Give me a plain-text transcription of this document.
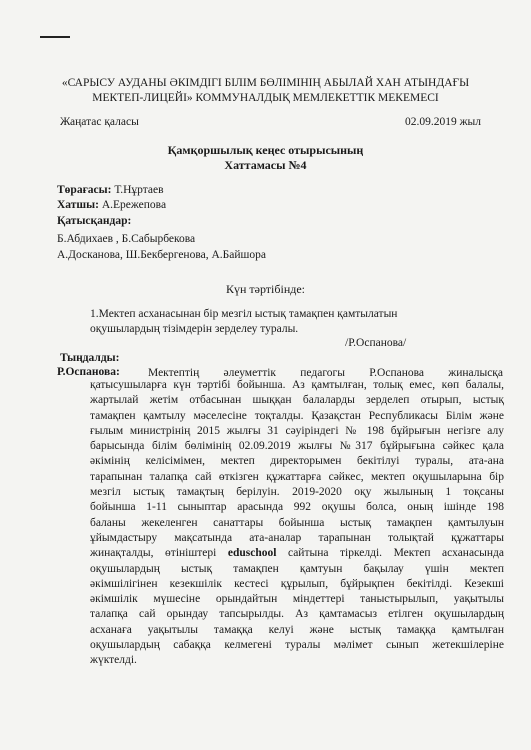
«САРЫСУ АУДАНЫ ӘКІМДІГІ БІЛІМ БӨЛІМІНІҢ АБЫЛАЙ ХАН АТЫНДАҒЫ
МЕКТЕП-ЛИЦЕЙІ» КОММУНАЛДЫҚ МЕМЛЕКЕТТІК МЕКЕМЕСІ
Жаңатас қаласы	02.09.2019 жыл
Қамқоршылық кеңес отырысының
Хаттамасы №4
Төрағасы: Т.Нұртаев
Хатшы: А.Ережепова
Қатысқандар:
Б.Абдихаев , Б.Сабырбекова
А.Досканова, Ш.Бекбергенова, А.Байшора
Күн тәртібінде:
1.Мектеп асханасынан бір мезгіл ыстық тамақпен қамтылатын
оқушылардың тізімдерін зерделеу туралы.
/Р.Оспанова/
Тыңдалды:
Р.Оспанова: Мектептің әлеуметтік педагогы Р.Оспанова жиналысқа
қатысушыларға күн тәртібі бойынша. Аз қамтылған, толық емес, көп балалы,
жартылай жетім отбасынан шыққан балаларды зерделеп отырып, ыстық
тамақпен қамтылу мәселесіне тоқталды. Қазақстан Республикасы Білім және
ғылым министрінің 2015 жылғы 31 сәуіріндегі № 198 бұйрығын негізге алу
барысында білім бөлімінің 02.09.2019 жылғы №317 бұйрығына сәйкес қала
әкімінің келісімімен, мектеп директорымен бекітілуі туралы, ата-ана
тарапынан талапқа сай өткізген құжаттарға сәйкес, мектеп оқушыларына бір
мезгіл ыстық тамақтың берілуін. 2019-2020 оқу жылының 1 тоқсаны
бойынша 1-11 сыныптар арасында 992 оқушы болса, оның ішінде 198
баланы жекеленген санаттары бойынша ыстық тамақпен қамтылуын
ұйымдастыру мақсатында ата-аналар тарапынан толықтай құжаттары
жинақталды, өтініштері eduschool сайтына тіркелді. Мектеп асханасында
оқушылардың ыстық тамақпен қамтуын бақылау үшін мектеп
әкімшілігінен кезекшілік кестесі құрылып, бұйрықпен бекітілді. Кезекші
әкімшілік мүшесіне орындайтын міндеттері таныстырылып, уақытылы
талапқа сай орындау тапсырылды. Аз қамтамасыз етілген оқушылардың
асханаға уақытылы тамаққа келуі және ыстық тамаққа қамтылған
оқушылардың сабаққа келмегені туралы мәлімет сынып жетекшілеріне
жүктелді.
